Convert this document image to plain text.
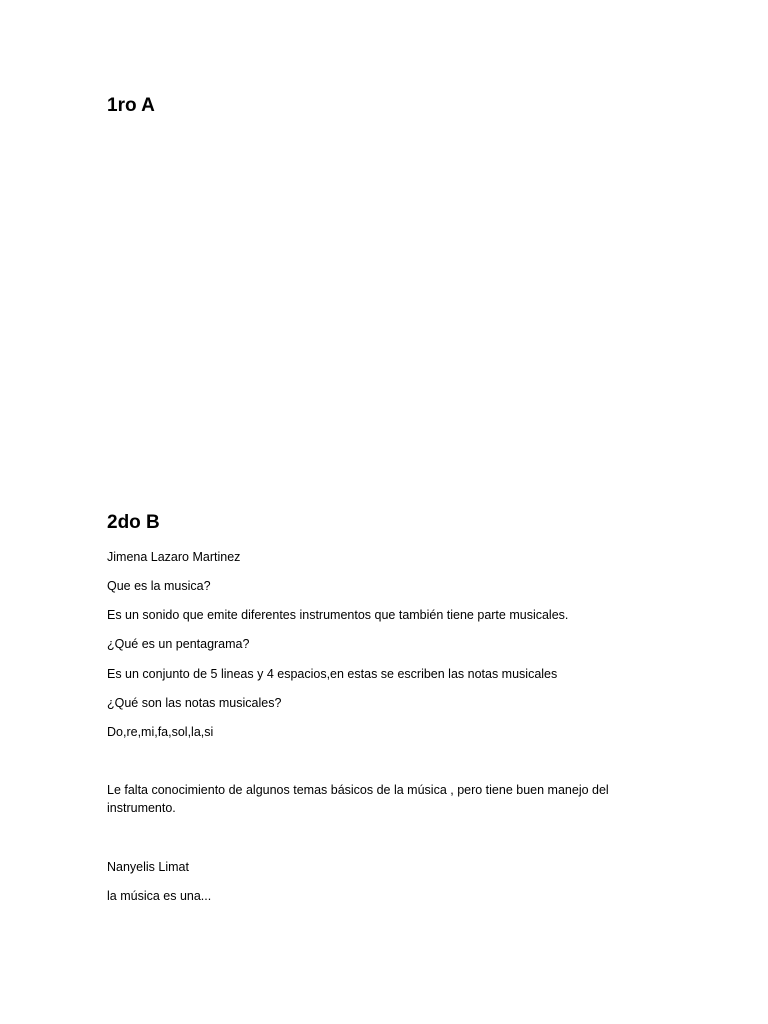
1ro A
2do B

Jimena Lazaro Martinez

Que es la musica?

Es un sonido que emite diferentes instrumentos que también tiene parte musicales.

¿Qué es un pentagrama?

Es un conjunto de 5 lineas y 4 espacios,en estas se escriben las notas musicales

¿Qué son las notas musicales?

Do,re,mi,fa,sol,la,si

Le falta conocimiento de algunos temas básicos de la música , pero tiene buen manejo del instrumento.

Nanyelis Limat

la música es una...
